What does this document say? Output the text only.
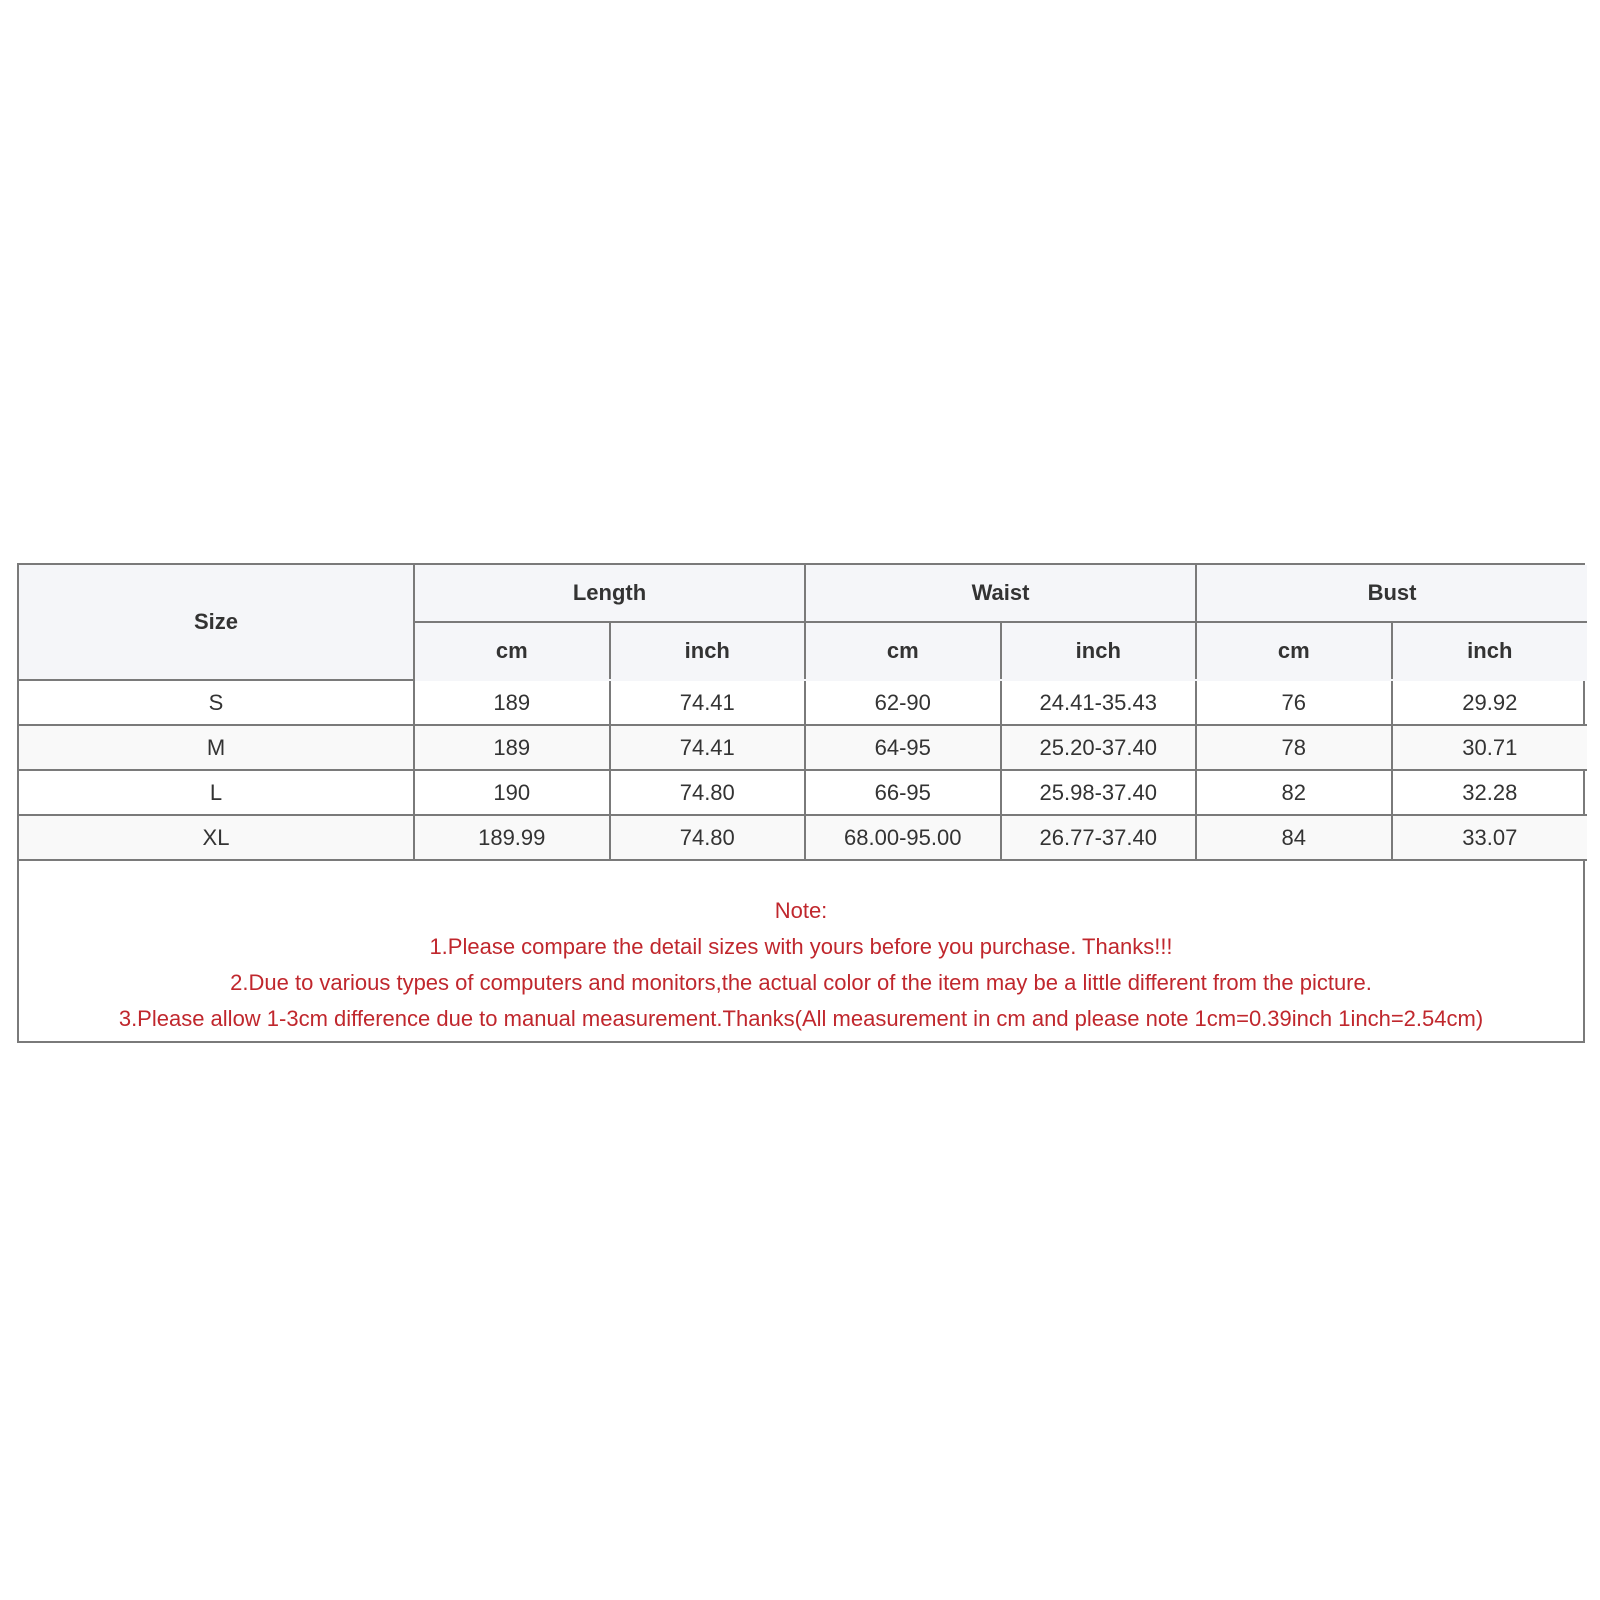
Size	Length		Waist		Bust	
	cm	inch	cm	inch	cm	inch
S	189	74.41	62-90	24.41-35.43	76	29.92
M	189	74.41	64-95	25.20-37.40	78	30.71
L	190	74.80	66-95	25.98-37.40	82	32.28
XL	189.99	74.80	68.00-95.00	26.77-37.40	84	33.07
Note:
1.Please compare the detail sizes with yours before you purchase. Thanks!!!
2.Due to various types of computers and monitors,the actual color of the item may be a little different from the picture.
3.Please allow 1-3cm difference due to manual measurement.Thanks(All measurement in cm and please note 1cm=0.39inch 1inch=2.54cm)
